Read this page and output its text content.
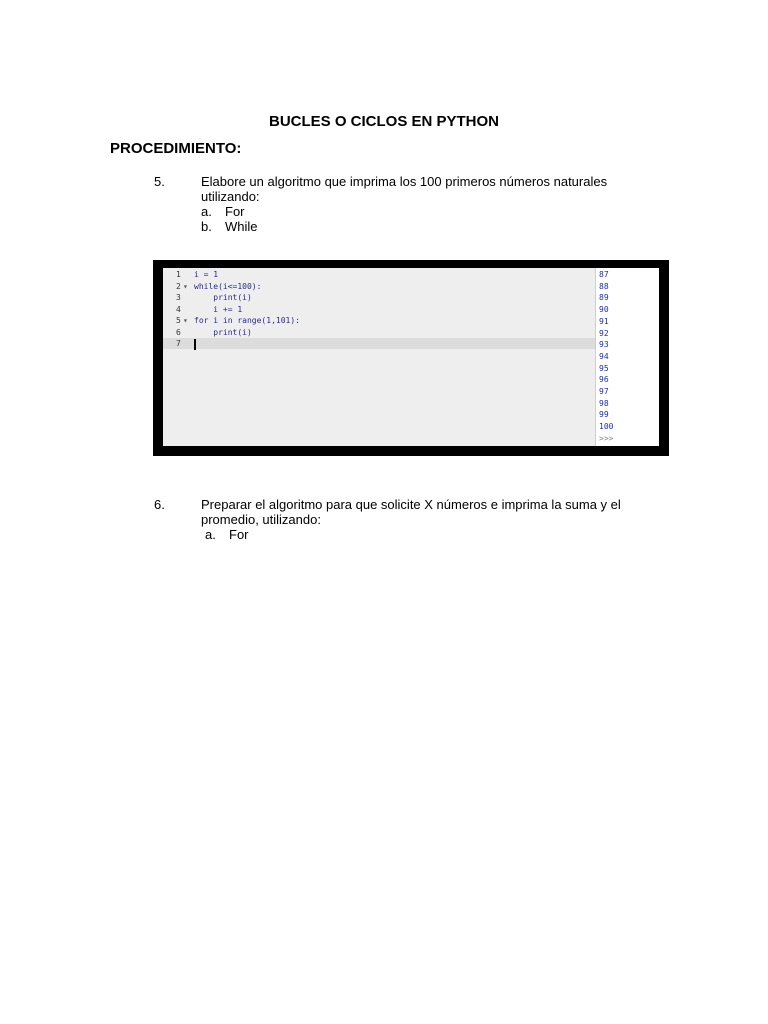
BUCLES O CICLOS EN PYTHON
PROCEDIMIENTO:
5.	Elabore un algoritmo que imprima los 100 primeros números naturales
utilizando:
a. For
b. While
1 i = 1
2 ▾ while(i<=100):
3 print(i)
4 i += 1
5 ▾ for i in range(1,101):
6 print(i)
7
87
88
89
90
91
92
93
94
95
96
97
98
99
100
>>>
6.	Preparar el algoritmo para que solicite X números e imprima la suma y el
promedio, utilizando:
a. For
